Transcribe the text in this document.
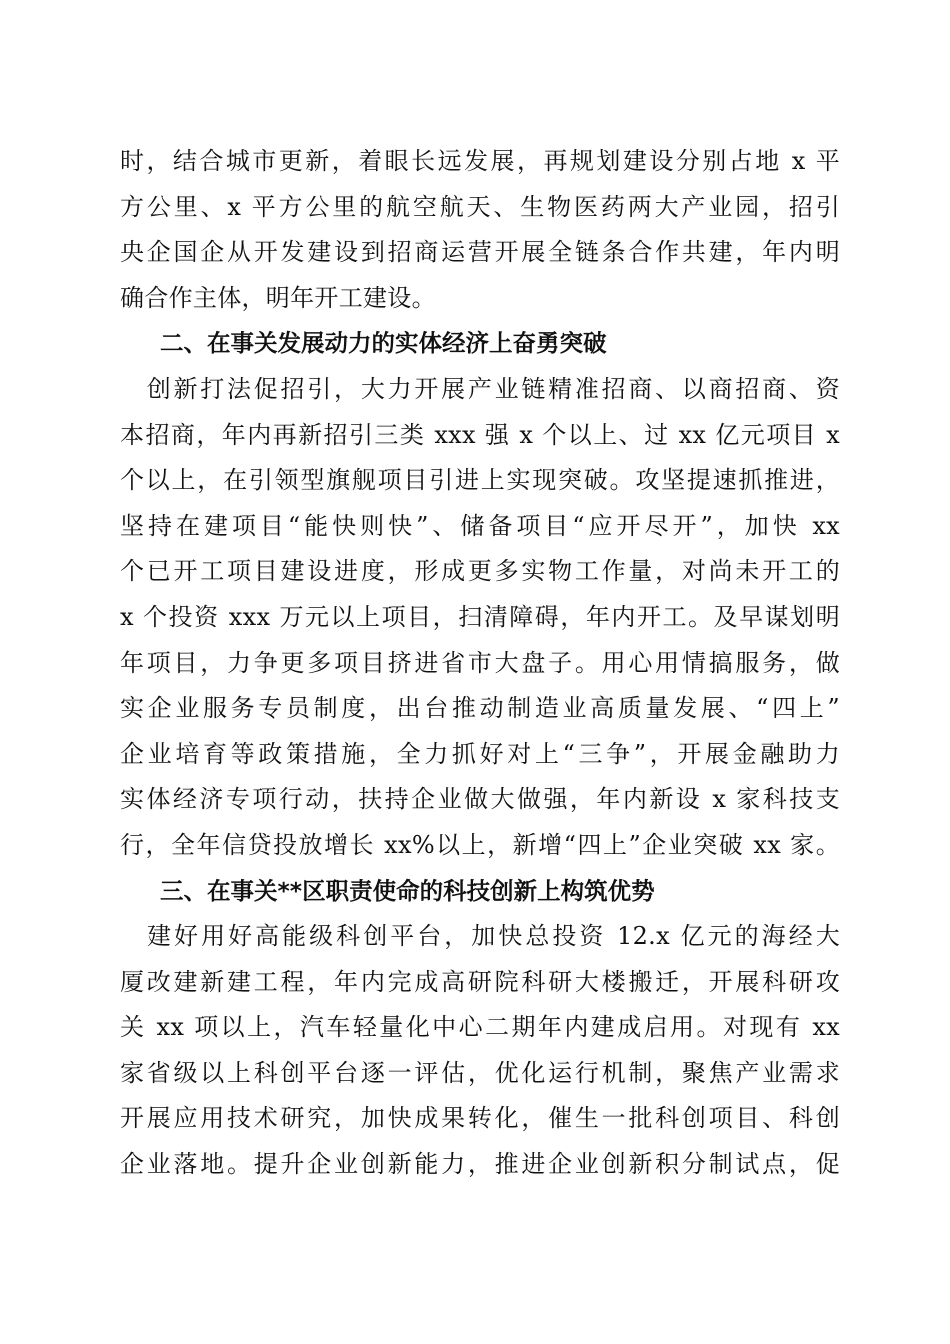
时，结合城市更新，着眼长远发展，再规划建设分别占地 x 平
方公里、x 平方公里的航空航天、生物医药两大产业园，招引
央企国企从开发建设到招商运营开展全链条合作共建，年内明
确合作主体，明年开工建设。
二、在事关发展动力的实体经济上奋勇突破
　创新打法促招引，大力开展产业链精准招商、以商招商、资
本招商，年内再新招引三类 xxx 强 x 个以上、过 xx 亿元项目 x
个以上，在引领型旗舰项目引进上实现突破。攻坚提速抓推进，
坚持在建项目“能快则快”、储备项目“应开尽开”，加快 xx
个已开工项目建设进度，形成更多实物工作量，对尚未开工的
x 个投资 xxx 万元以上项目，扫清障碍，年内开工。及早谋划明
年项目，力争更多项目挤进省市大盘子。用心用情搞服务，做
实企业服务专员制度，出台推动制造业高质量发展、“四上”
企业培育等政策措施，全力抓好对上“三争”，开展金融助力
实体经济专项行动，扶持企业做大做强，年内新设 x 家科技支
行，全年信贷投放增长 xx%以上，新增“四上”企业突破 xx 家。
三、在事关**区职责使命的科技创新上构筑优势
　建好用好高能级科创平台，加快总投资 12.x 亿元的海经大
厦改建新建工程，年内完成高研院科研大楼搬迁，开展科研攻
关 xx 项以上，汽车轻量化中心二期年内建成启用。对现有 xx
家省级以上科创平台逐一评估，优化运行机制，聚焦产业需求
开展应用技术研究，加快成果转化，催生一批科创项目、科创
企业落地。提升企业创新能力，推进企业创新积分制试点，促
